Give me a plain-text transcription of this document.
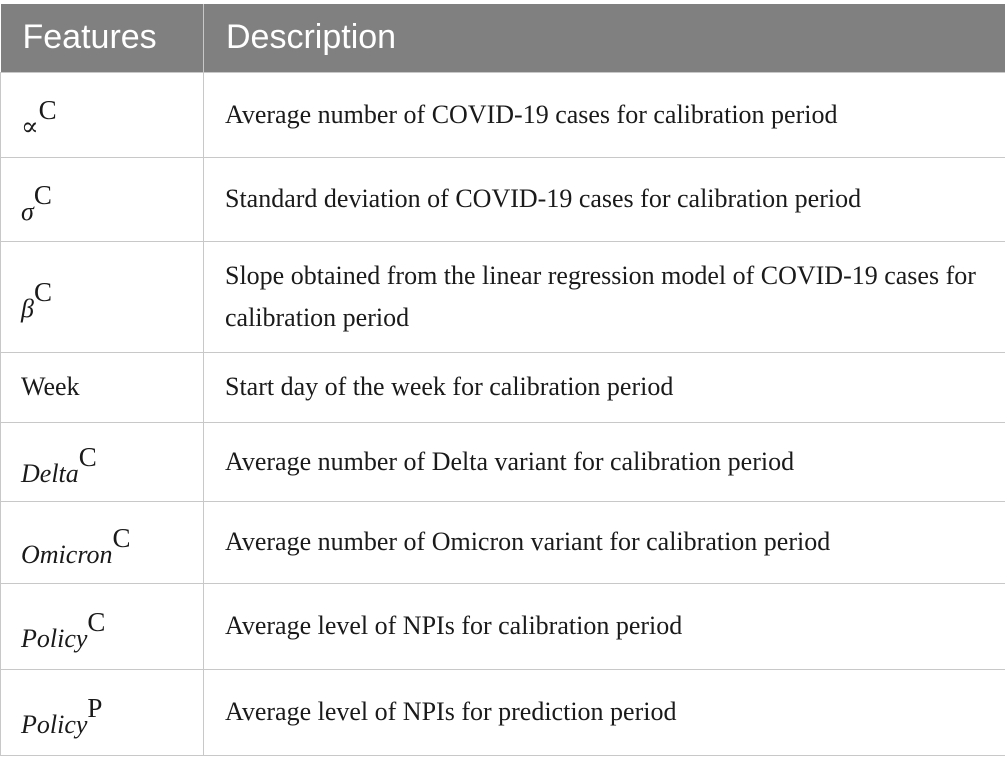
Features	Description
∝C	Average number of COVID-19 cases for calibration period
σC	Standard deviation of COVID-19 cases for calibration period
βC	Slope obtained from the linear regression model of COVID-19 cases for calibration period
Week	Start day of the week for calibration period
DeltaC	Average number of Delta variant for calibration period
OmicronC	Average number of Omicron variant for calibration period
PolicyC	Average level of NPIs for calibration period
PolicyP	Average level of NPIs for prediction period
